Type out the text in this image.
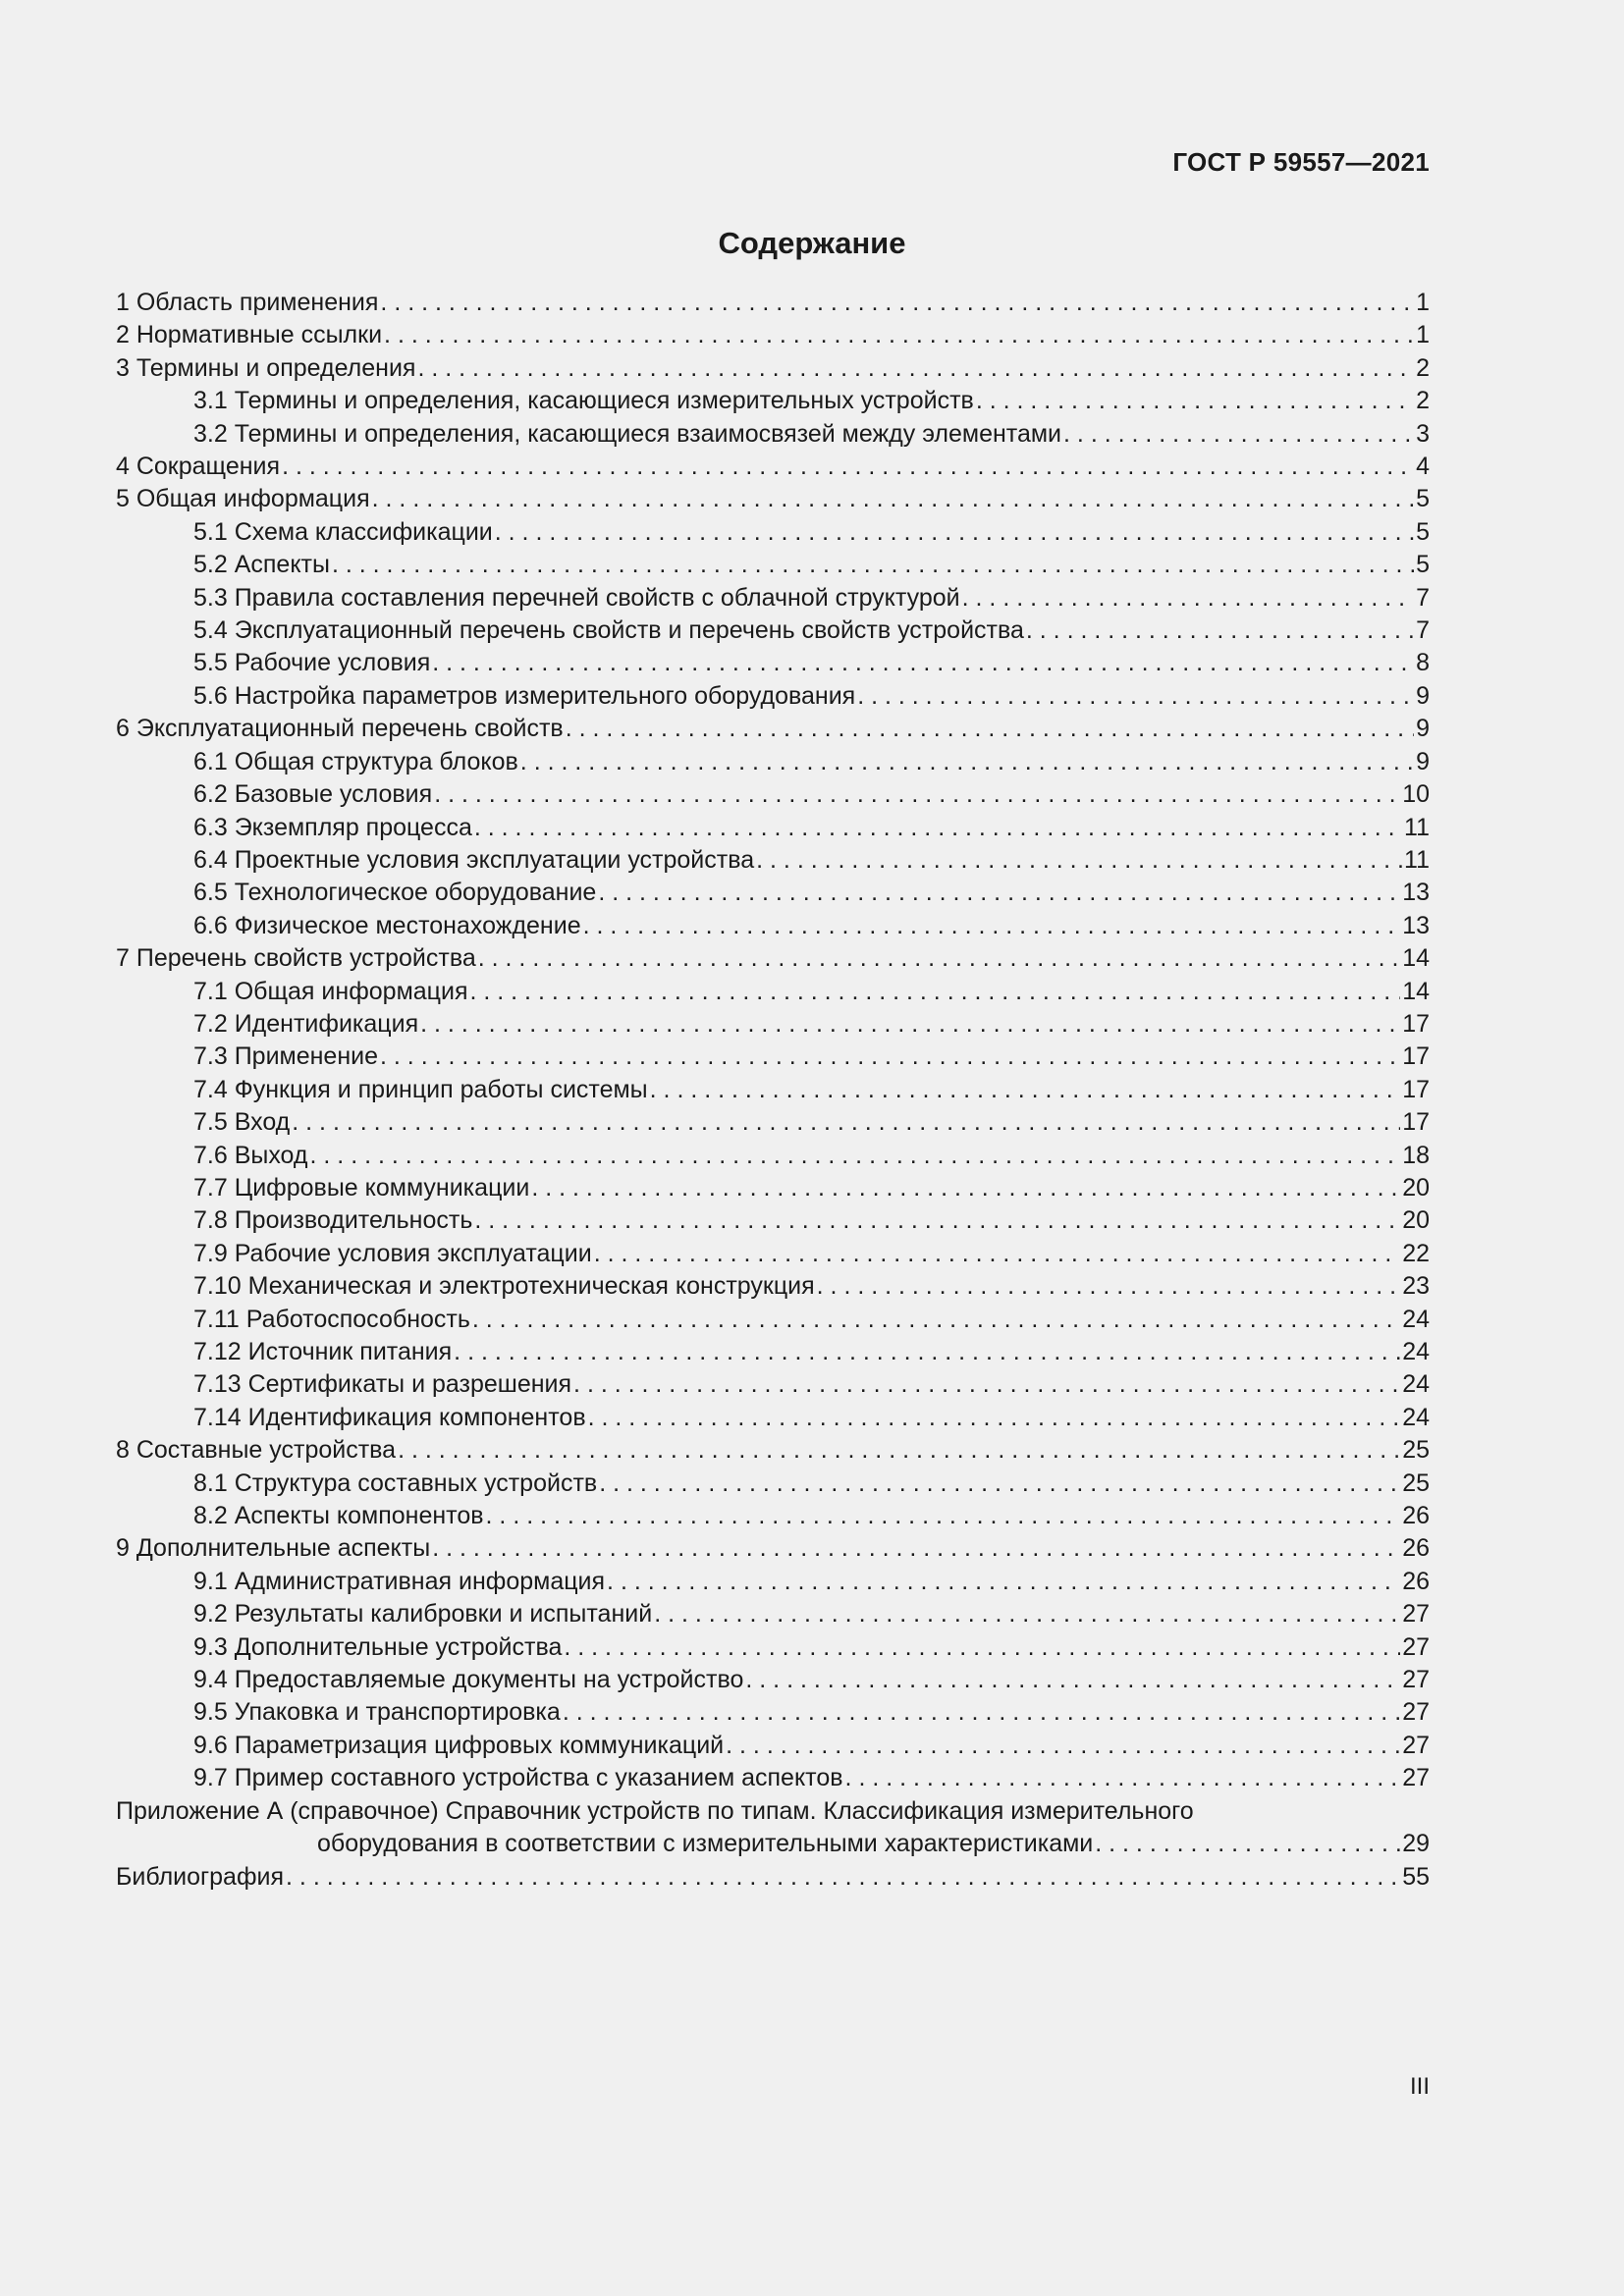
ГОСТ Р 59557—2021
Содержание
1 Область применения . . .	1
2 Нормативные ссылки . . .	1
3 Термины и определения . . .	2
3.1 Термины и определения, касающиеся измерительных устройств . . .	2
3.2 Термины и определения, касающиеся взаимосвязей между элементами . . .	3
4 Сокращения . . .	4
5 Общая информация . . .	5
5.1 Схема классификации . . .	5
5.2 Аспекты . . .	5
5.3 Правила составления перечней свойств с облачной структурой . . .	7
5.4 Эксплуатационный перечень свойств и перечень свойств устройства . . .	7
5.5 Рабочие условия . . .	8
5.6 Настройка параметров измерительного оборудования . . .	9
6 Эксплуатационный перечень свойств . . .	9
6.1 Общая структура блоков . . .	9
6.2 Базовые условия . . .	10
6.3 Экземпляр процесса . . .	11
6.4 Проектные условия эксплуатации устройства . . .	11
6.5 Технологическое оборудование . . .	13
6.6 Физическое местонахождение . . .	13
7 Перечень свойств устройства . . .	14
7.1 Общая информация . . .	14
7.2 Идентификация . . .	17
7.3 Применение . . .	17
7.4 Функция и принцип работы системы . . .	17
7.5 Вход . . .	17
7.6 Выход . . .	18
7.7 Цифровые коммуникации . . .	20
7.8 Производительность . . .	20
7.9 Рабочие условия эксплуатации . . .	22
7.10 Механическая и электротехническая конструкция . . .	23
7.11 Работоспособность . . .	24
7.12 Источник питания . . .	24
7.13 Сертификаты и разрешения . . .	24
7.14 Идентификация компонентов . . .	24
8 Составные устройства . . .	25
8.1 Структура составных устройств . . .	25
8.2 Аспекты компонентов . . .	26
9 Дополнительные аспекты . . .	26
9.1 Административная информация . . .	26
9.2 Результаты калибровки и испытаний . . .	27
9.3 Дополнительные устройства . . .	27
9.4 Предоставляемые документы на устройство . . .	27
9.5 Упаковка и транспортировка . . .	27
9.6 Параметризация цифровых коммуникаций . . .	27
9.7 Пример составного устройства с указанием аспектов . . .	27
Приложение А (справочное) Справочник устройств по типам. Классификация измерительного
оборудования в соответствии с измерительными характеристиками . . .	29
Библиография . . .	55
III
